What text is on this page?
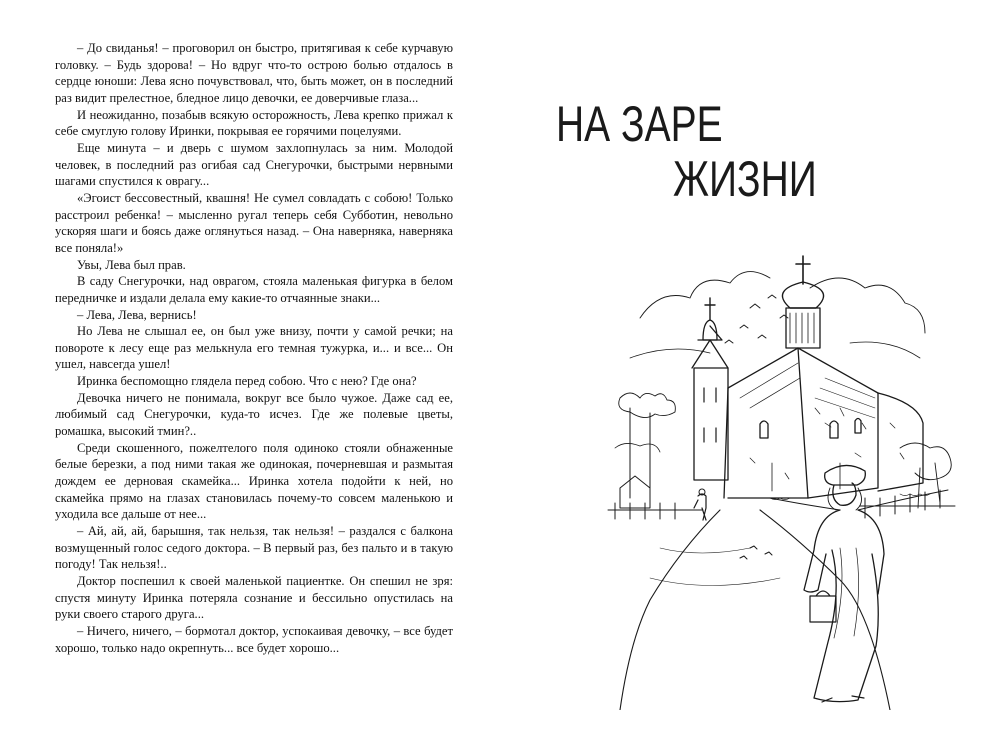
– До свиданья! – проговорил он быстро, притягивая к себе курчавую головку. – Будь здорова! – Но вдруг что-то острою болью отдалось в сердце юноши: Лева ясно почувствовал, что, быть может, он в последний раз видит прелестное, бледное лицо девочки, ее доверчивые глаза...

И неожиданно, позабыв всякую осторожность, Лева крепко прижал к себе смуглую голову Иринки, покрывая ее горячими поцелуями.

Еще минута – и дверь с шумом захлопнулась за ним. Молодой человек, в последний раз огибая сад Снегурочки, быстрыми нервными шагами спустился к оврагу...

«Эгоист бессовестный, квашня! Не сумел совладать с собою! Только расстроил ребенка! – мысленно ругал теперь себя Субботин, невольно ускоряя шаги и боясь даже оглянуться назад. – Она наверняка, наверняка все поняла!»

Увы, Лева был прав.

В саду Снегурочки, над оврагом, стояла маленькая фигурка в белом передничке и издали делала ему какие-то отчаянные знаки...

– Лева, Лева, вернись!

Но Лева не слышал ее, он был уже внизу, почти у самой речки; на повороте к лесу еще раз мелькнула его темная тужурка, и... и все... Он ушел, навсегда ушел!

Иринка беспомощно глядела перед собою. Что с нею? Где она?

Девочка ничего не понимала, вокруг все было чужое. Даже сад ее, любимый сад Снегурочки, куда-то исчез. Где же полевые цветы, ромашка, высокий тмин?..

Среди скошенного, пожелтелого поля одиноко стояли обнаженные белые березки, а под ними такая же одинокая, почерневшая и размытая дождем ее дерновая скамейка... Иринка хотела подойти к ней, но скамейка прямо на глазах становилась почему-то совсем маленькою и уходила все дальше от нее...

– Ай, ай, ай, барышня, так нельзя, так нельзя! – раздался с балкона возмущенный голос седого доктора. – В первый раз, без пальто и в такую погоду! Так нельзя!..

Доктор поспешил к своей маленькой пациентке. Он спешил не зря: спустя минуту Иринка потеряла сознание и бессильно опустилась на руки своего старого друга...

– Ничего, ничего, – бормотал доктор, успокаивая девочку, – все будет хорошо, только надо окрепнуть... все будет хорошо...

НА ЗАРЕ
ЖИЗНИ
